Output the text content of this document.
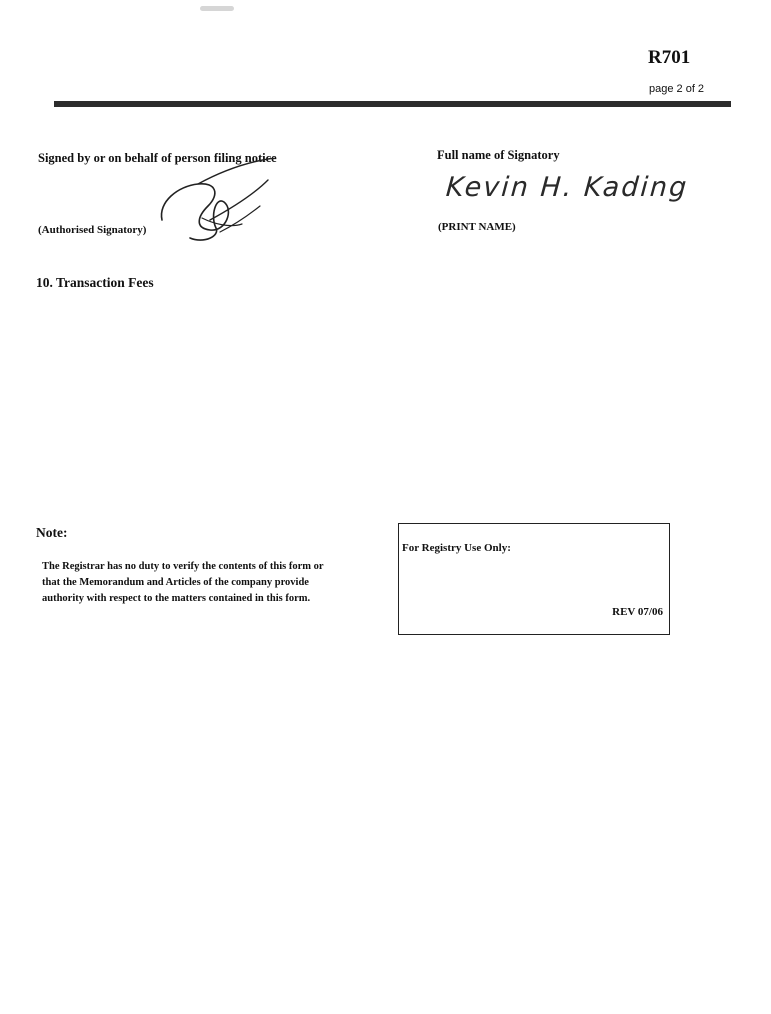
R701
page 2 of 2
Signed by or on behalf of person filing notice
(Authorised Signatory)
Full name of Signatory
Kevin H. Kading
(PRINT NAME)
10. Transaction Fees
Note:
The Registrar has no duty to verify the contents of this form or that the Memorandum and Articles of the company provide authority with respect to the matters contained in this form.
For Registry Use Only:
REV 07/06
